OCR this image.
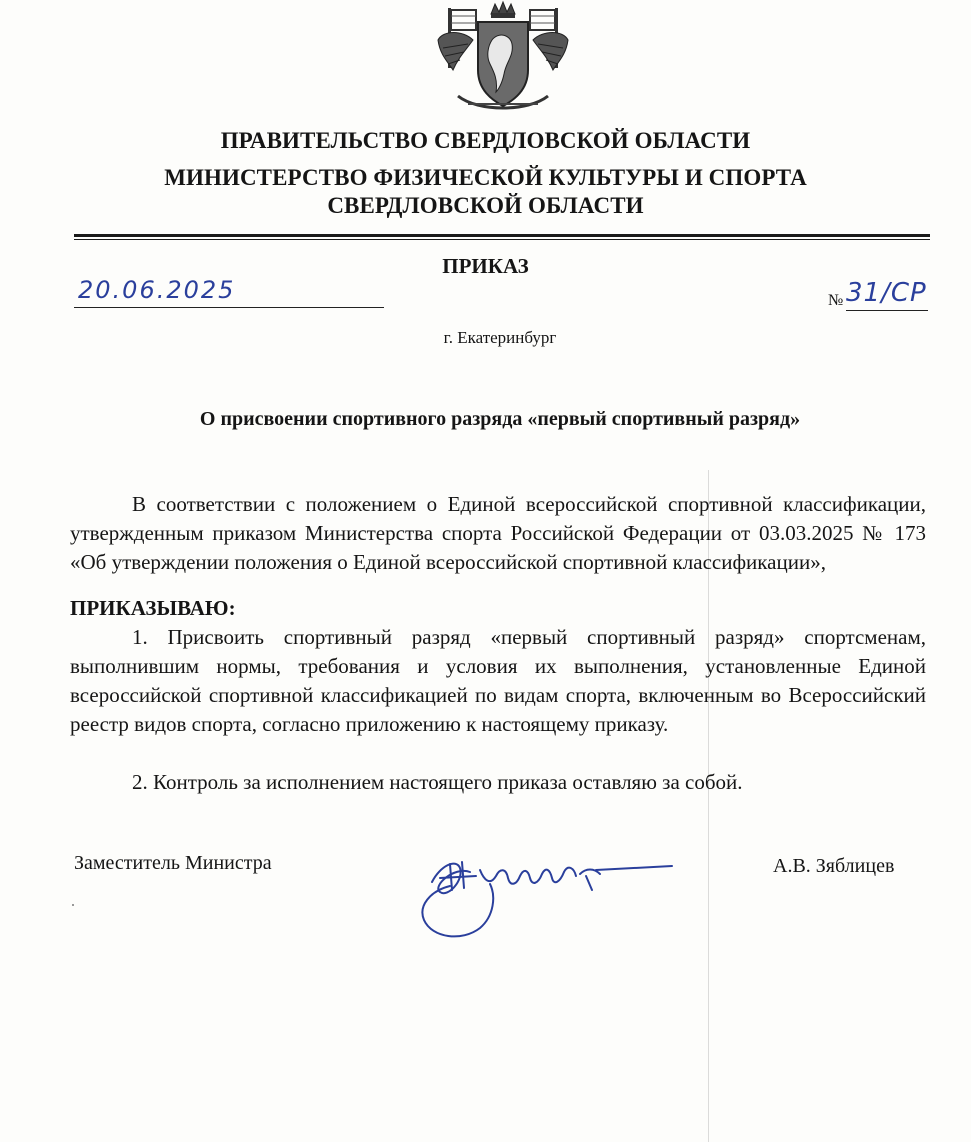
ПРАВИТЕЛЬСТВО СВЕРДЛОВСКОЙ ОБЛАСТИ
МИНИСТЕРСТВО ФИЗИЧЕСКОЙ КУЛЬТУРЫ И СПОРТА
СВЕРДЛОВСКОЙ ОБЛАСТИ
ПРИКАЗ
20.06.2025	№ 31/СР
г. Екатеринбург
О присвоении спортивного разряда «первый спортивный разряд»
В соответствии с положением о Единой всероссийской спортивной классификации, утвержденным приказом Министерства спорта Российской Федерации от 03.03.2025 № 173 «Об утверждении положения о Единой всероссийской спортивной классификации»,
ПРИКАЗЫВАЮ:
1. Присвоить спортивный разряд «первый спортивный разряд» спортсменам, выполнившим нормы, требования и условия их выполнения, установленные Единой всероссийской спортивной классификацией по видам спорта, включенным во Всероссийский реестр видов спорта, согласно приложению к настоящему приказу.
2. Контроль за исполнением настоящего приказа оставляю за собой.
Заместитель Министра	А.В. Зяблицев
